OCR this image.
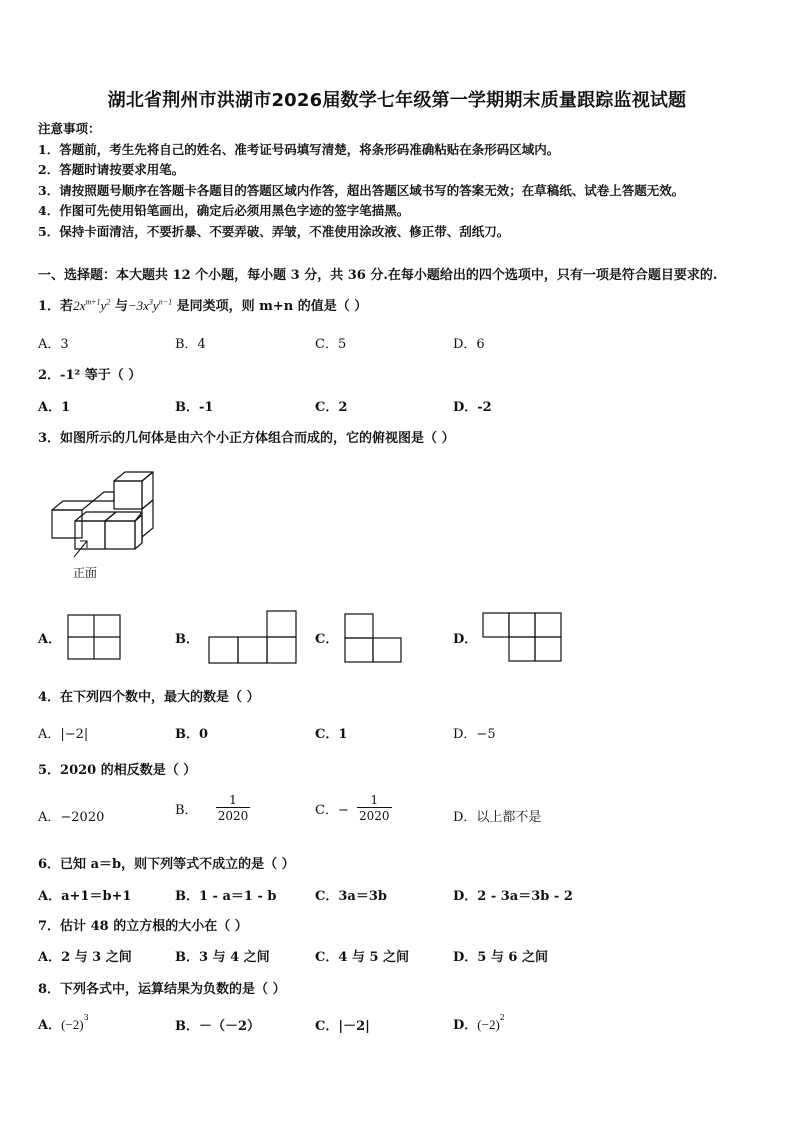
湖北省荆州市洪湖市2026届数学七年级第一学期期末质量跟踪监视试题
注意事项：
1．答题前，考生先将自己的姓名、准考证号码填写清楚，将条形码准确粘贴在条形码区域内。
2．答题时请按要求用笔。
3．请按照题号顺序在答题卡各题目的答题区域内作答，超出答题区域书写的答案无效；在草稿纸、试卷上答题无效。
4．作图可先使用铅笔画出，确定后必须用黑色字迹的签字笔描黑。
5．保持卡面清洁，不要折暴、不要弄破、弄皱，不准使用涂改液、修正带、刮纸刀。
一、选择题：本大题共 12 个小题，每小题 3 分，共 36 分.在每小题给出的四个选项中，只有一项是符合题目要求的.
1．若$2x^{m+1}y^2$ 与$-3x^3y^{n-1}$ 是同类项，则 m+n 的值是（ ）
A．3	B．4	C．5	D．6
2．-1² 等于（ ）
A．1	B．-1	C．2	D．-2
3．如图所示的几何体是由六个小正方体组合而成的，它的俯视图是（ ）
正面
A．	B．	C．	D．
4．在下列四个数中，最大的数是（ ）
A．|−2|	B．0	C．1	D．−5
5．2020 的相反数是（ ）
A．−2020	B． $\frac{1}{2020}$	C．− $\frac{1}{2020}$	D．以上都不是
6．已知 a＝b，则下列等式不成立的是（ ）
A．a+1＝b+1	B．1 - a＝1 - b	C．3a＝3b	D．2 - 3a＝3b - 2
7．估计 48 的立方根的大小在（ ）
A．2 与 3 之间	B．3 与 4 之间	C．4 与 5 之间	D．5 与 6 之间
8．下列各式中，运算结果为负数的是（ ）
A．$(-2)^3$
B．－（－2）	C．|－2|	D．$(-2)^2$
